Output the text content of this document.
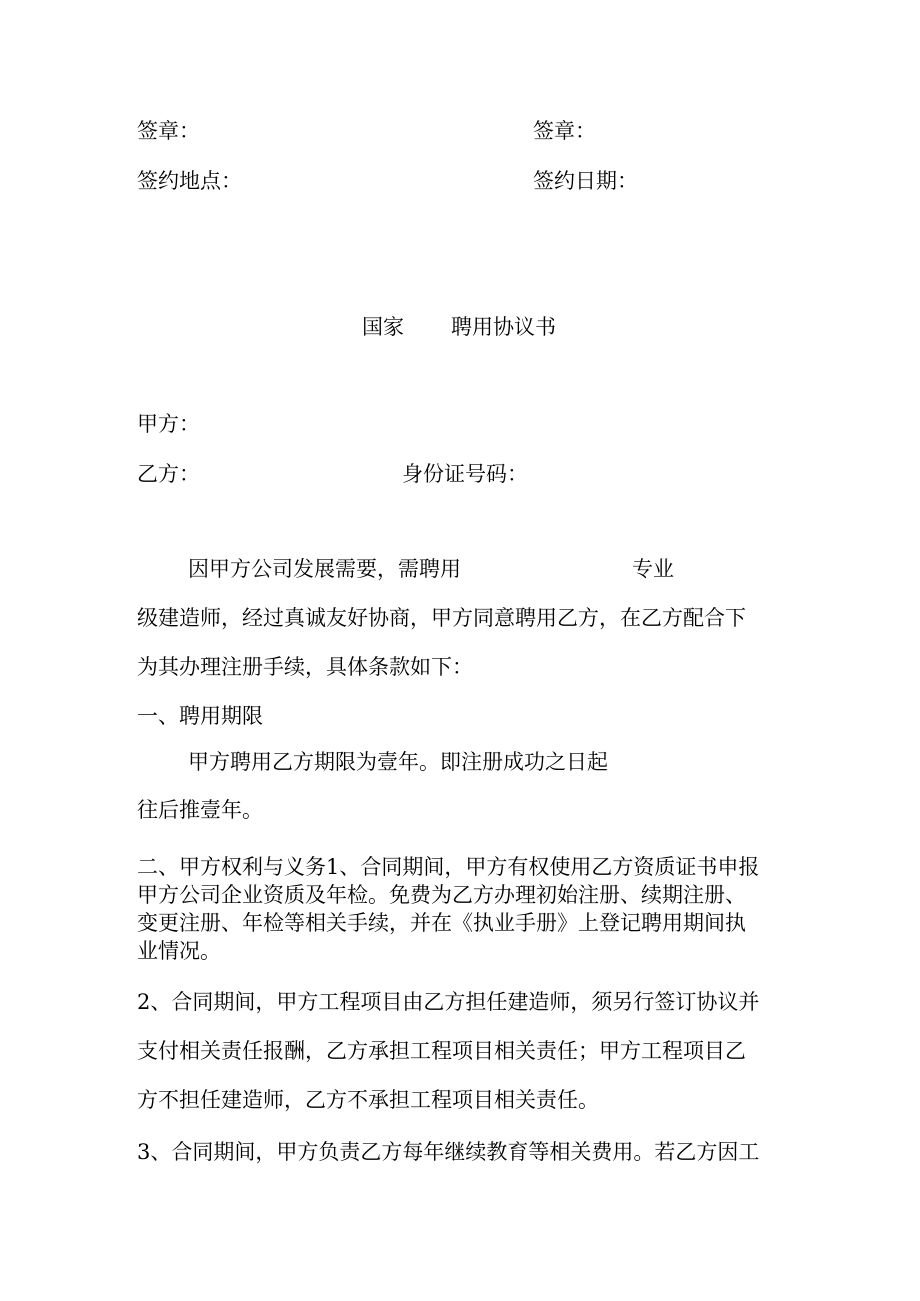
签章：	签章：

签约地点：	签约日期：

国家 聘用协议书

甲方：

乙方：	身份证号码：

因甲方公司发展需要，需聘用	专业

级建造师，经过真诚友好协商，甲方同意聘用乙方，在乙方配合下

为其办理注册手续，具体条款如下：

一、聘用期限

甲方聘用乙方期限为壹年。即注册成功之日起

往后推壹年。

二、甲方权利与义务1、合同期间，甲方有权使用乙方资质证书申报
甲方公司企业资质及年检。免费为乙方办理初始注册、续期注册、
变更注册、年检等相关手续，并在《执业手册》上登记聘用期间执
业情况。

2、合同期间，甲方工程项目由乙方担任建造师，须另行签订协议并

支付相关责任报酬，乙方承担工程项目相关责任；甲方工程项目乙

方不担任建造师，乙方不承担工程项目相关责任。

3、合同期间，甲方负责乙方每年继续教育等相关费用。若乙方因工
